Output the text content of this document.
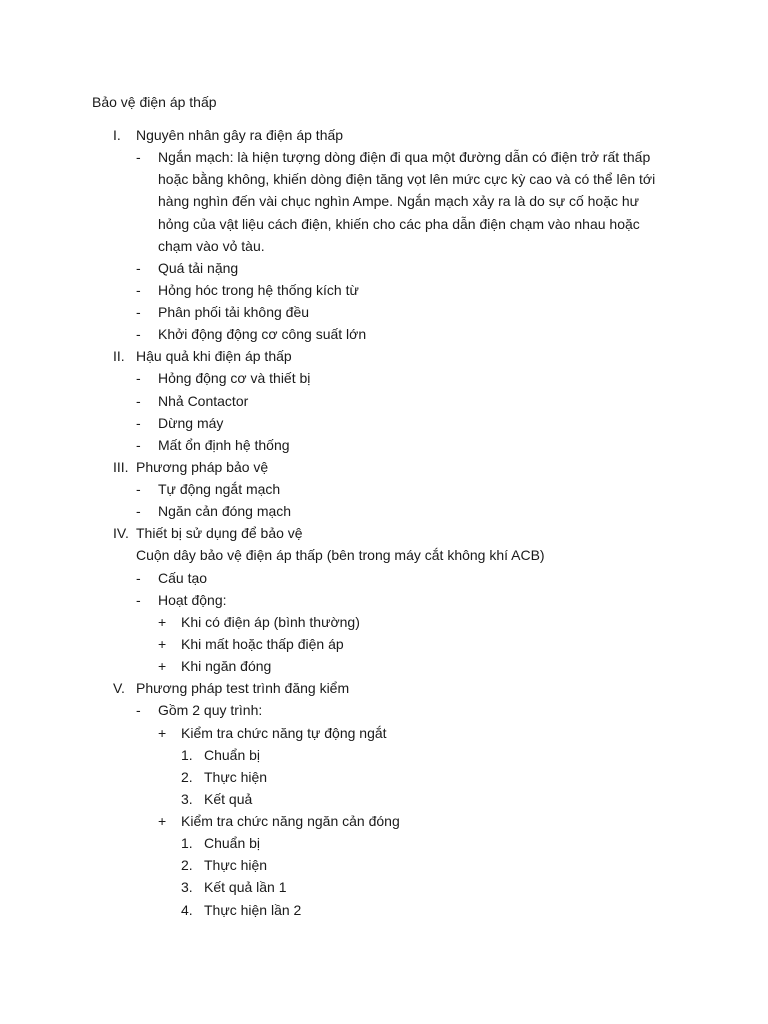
Bảo vệ điện áp thấp
I. Nguyên nhân gây ra điện áp thấp
- Ngắn mạch: là hiện tượng dòng điện đi qua một đường dẫn có điện trở rất thấp
hoặc bằng không, khiến dòng điện tăng vọt lên mức cực kỳ cao và có thể lên tới
hàng nghìn đến vài chục nghìn Ampe. Ngắn mạch xảy ra là do sự cố hoặc hư
hỏng của vật liệu cách điện, khiến cho các pha dẫn điện chạm vào nhau hoặc
chạm vào vỏ tàu.
- Quá tải nặng
- Hỏng hóc trong hệ thống kích từ
- Phân phối tải không đều
- Khởi động động cơ công suất lớn
II. Hậu quả khi điện áp thấp
- Hỏng động cơ và thiết bị
- Nhả Contactor
- Dừng máy
- Mất ổn định hệ thống
III. Phương pháp bảo vệ
- Tự động ngắt mạch
- Ngăn cản đóng mạch
IV. Thiết bị sử dụng để bảo vệ
Cuộn dây bảo vệ điện áp thấp (bên trong máy cắt không khí ACB)
- Cấu tạo
- Hoạt động:
+ Khi có điện áp (bình thường)
+ Khi mất hoặc thấp điện áp
+ Khi ngăn đóng
V. Phương pháp test trình đăng kiểm
- Gồm 2 quy trình:
+ Kiểm tra chức năng tự động ngắt
1. Chuẩn bị
2. Thực hiện
3. Kết quả
+ Kiểm tra chức năng ngăn cản đóng
1. Chuẩn bị
2. Thực hiện
3. Kết quả lần 1
4. Thực hiện lần 2
